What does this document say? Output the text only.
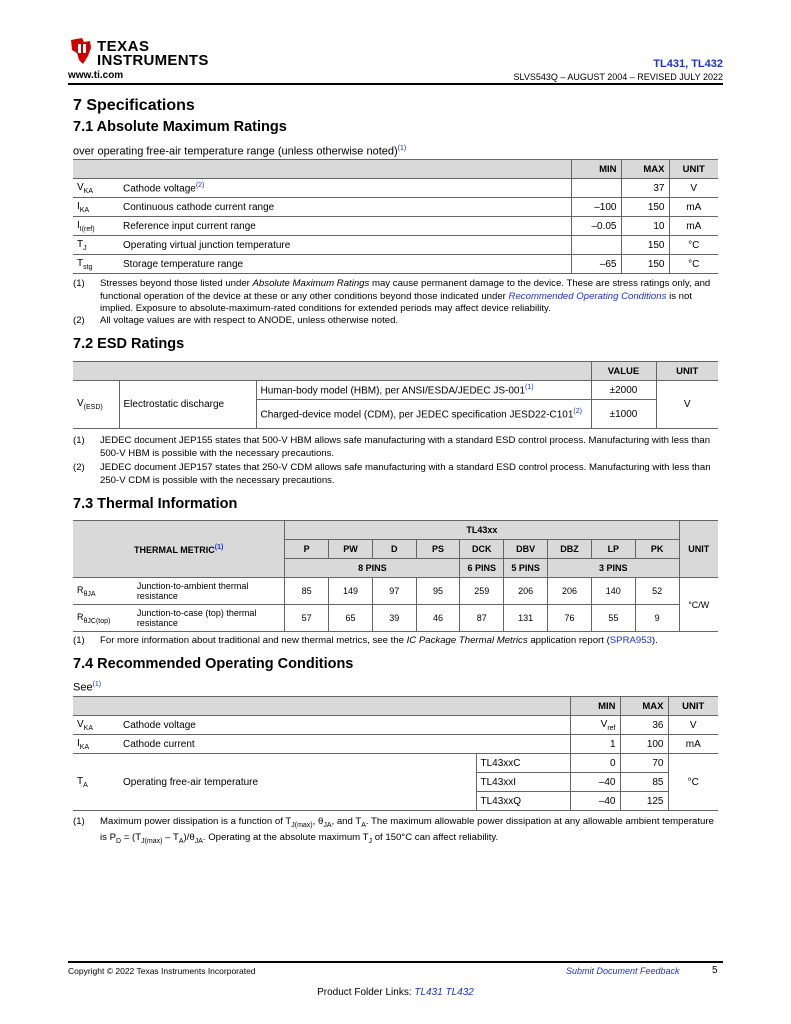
TEXAS
INSTRUMENTS
www.ti.com
TL431, TL432
SLVS543Q – AUGUST 2004 – REVISED JULY 2022
7 Specifications
7.1 Absolute Maximum Ratings
over operating free-air temperature range (unless otherwise noted)$^{(1)}$
		MIN	MAX	UNIT
$V_{KA}$	Cathode voltage$^{(2)}$		37	V
$I_{KA}$	Continuous cathode current range	–100	150	mA
$I_{I(ref)}$	Reference input current range	–0.05	10	mA
$T_J$	Operating virtual junction temperature		150	°C
$T_{stg}$	Storage temperature range	–65	150	°C
(1) Stresses beyond those listed under Absolute Maximum Ratings may cause permanent damage to the device. These are stress ratings only, and functional operation of the device at these or any other conditions beyond those indicated under Recommended Operating Conditions is not implied. Exposure to absolute-maximum-rated conditions for extended periods may affect device reliability.
(2) All voltage values are with respect to ANODE, unless otherwise noted.
7.2 ESD Ratings
			VALUE	UNIT
$V_{(ESD)}$	Electrostatic discharge	Human-body model (HBM), per ANSI/ESDA/JEDEC $JS-001^{(1)}$	±2000	V
		Charged-device model (CDM), per JEDEC specification $JESD22-C101^{(2)}$	±1000	
(1) JEDEC document JEP155 states that 500-V HBM allows safe manufacturing with a standard ESD control process. Manufacturing with less than 500-V HBM is possible with the necessary precautions.
(2) JEDEC document JEP157 states that 250-V CDM allows safe manufacturing with a standard ESD control process. Manufacturing with less than 250-V CDM is possible with the necessary precautions.
7.3 Thermal Information
THERMAL METRIC$^{(1)}$		TL43xx									UNIT
		P	PW	D	PS	DCK	DBV	DBZ	LP	PK	
		8 PINS				6 PINS	5 PINS	3 PINS			
$R_{\theta JA}$	Junction-to-ambient thermal resistance	85	149	97	95	259	206	206	140	52	°C/W
$R_{\theta JC(top)}$	Junction-to-case (top) thermal resistance	57	65	39	46	87	131	76	55	9	
(1) For more information about traditional and new thermal metrics, see the IC Package Thermal Metrics application report (SPRA953).
7.4 Recommended Operating Conditions
See$^{(1)}$
			MIN	MAX	UNIT
$V_{KA}$	Cathode voltage		$V_{ref}$	36	V
$I_{KA}$	Cathode current		1	100	mA
$T_A$	Operating free-air temperature	TL43xxC	0	70	°C
		TL43xxI	–40	85	
		TL43xxQ	–40	125	
(1) Maximum power dissipation is a function of $T_{J(max)}$, $\theta_{JA}$, and $T_A$. The maximum allowable power dissipation at any allowable ambient temperature is $P_D = (T_{J(max)} - T_A)/\theta_{JA}$. Operating at the absolute maximum $T_J$ of 150°C can affect reliability.
Copyright © 2022 Texas Instruments Incorporated	Submit Document Feedback	5
Product Folder Links: TL431 TL432
